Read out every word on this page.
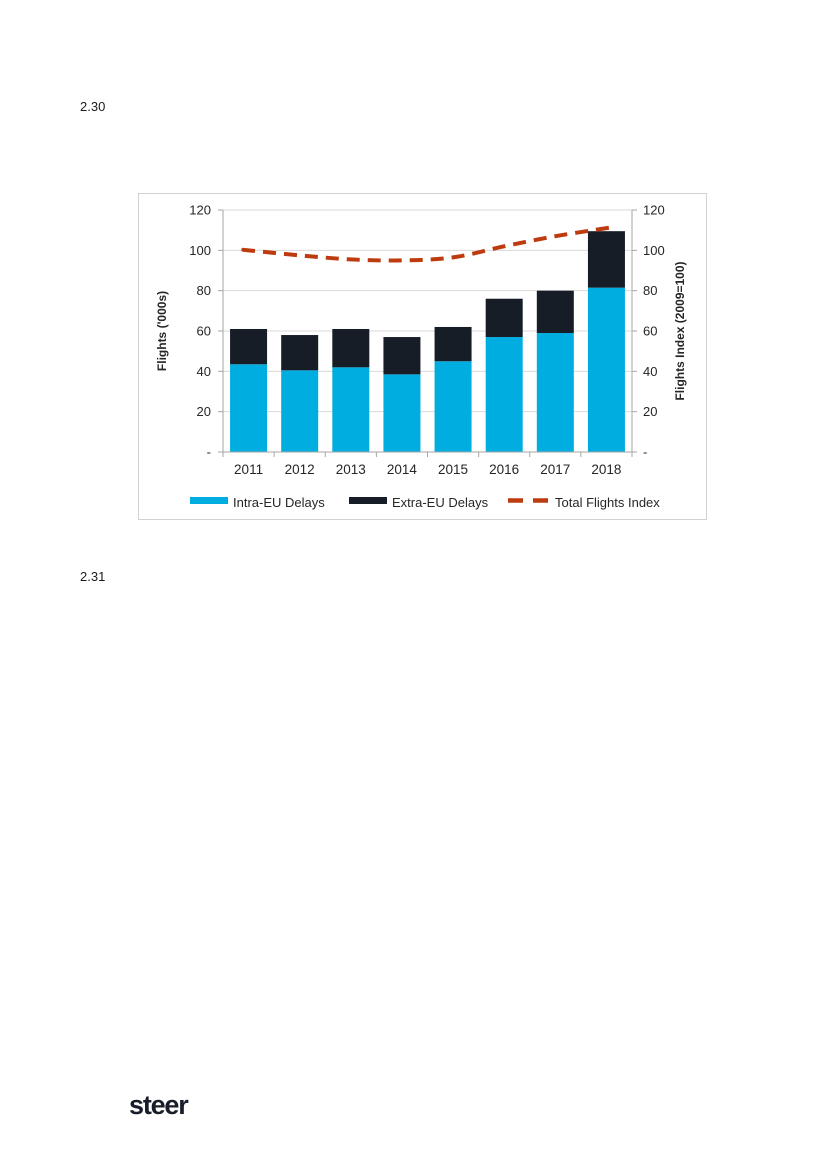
2.30
-	-
20	20
40	40
60	60
80	80
100	100
120	120
2011 2012 2013 2014 2015 2016 2017 2018
Flights ('000s)	Flights Index (2009=100)
Intra-EU Delays	Extra-EU Delays	Total Flights Index
2.31
steer
